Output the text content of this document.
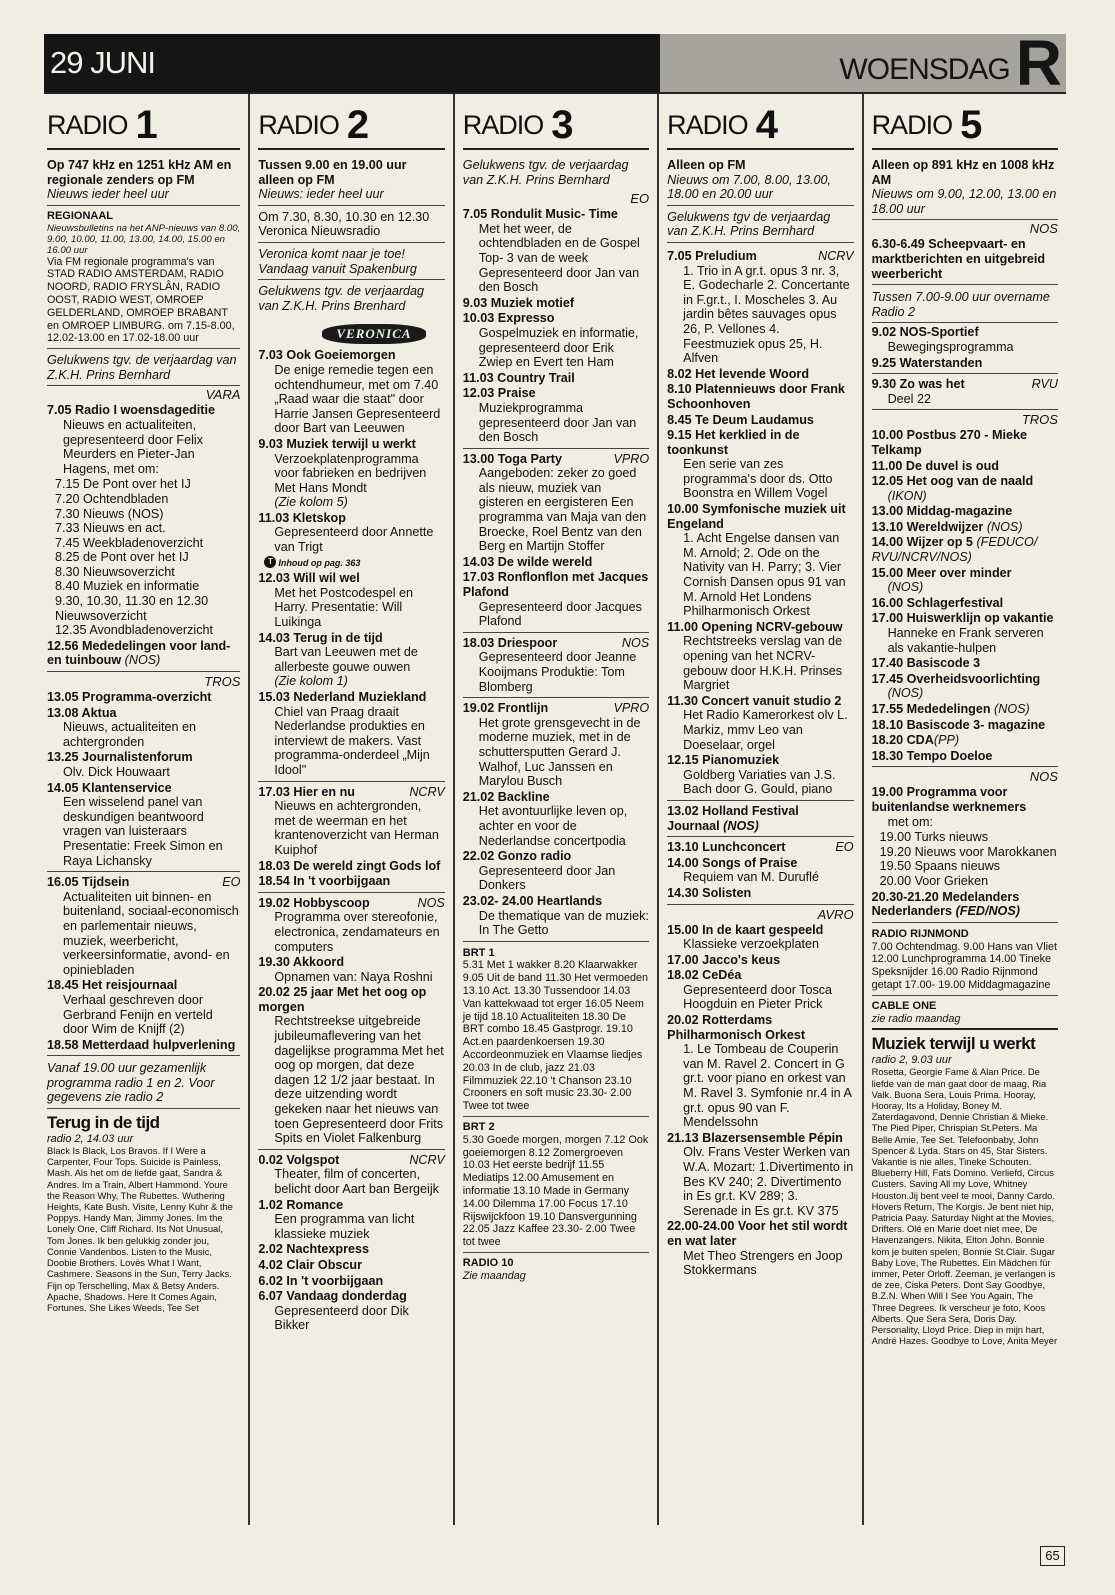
29 JUNI	WOENSDAG R
RADIO 1
Op 747 kHz en 1251 kHz AM en regionale zenders op FM
Nieuws ieder heel uur
REGIONAAL
Nieuwsbulletins na het ANP-nieuws van 8.00, 9.00, 10.00, 11.00, 13.00, 14.00, 15.00 en 16.00 uur
Via FM regionale programma's van STAD RADIO AMSTERDAM, RADIO NOORD, RADIO FRYSLÂN, RADIO OOST, RADIO WEST, OMROEP GELDERLAND, OMROEP BRABANT en OMROEP LIMBURG. om 7.15-8.00, 12.02-13.00 en 17.02-18.00 uur
Gelukwens tgv. de verjaardag van Z.K.H. Prins Bernhard
VARA
7.05 Radio I woensdageditie
Nieuws en actualiteiten, gepresenteerd door Felix Meurders en Pieter-Jan Hagens, met om:
7.15 De Pont over het IJ
7.20 Ochtendbladen
7.30 Nieuws (NOS)
7.33 Nieuws en act.
7.45 Weekbladenoverzicht
8.25 de Pont over het IJ
8.30 Nieuwsoverzicht
8.40 Muziek en informatie
9.30, 10.30, 11.30 en 12.30 Nieuwsoverzicht
12.35 Avondbladenoverzicht
12.56 Mededelingen voor land- en tuinbouw (NOS)
TROS
13.05 Programma-overzicht
13.08 Aktua
Nieuws, actualiteiten en achtergronden
13.25 Journalistenforum
Olv. Dick Houwaart
14.05 Klantenservice
Een wisselend panel van deskundigen beantwoord vragen van luisteraars Presentatie: Freek Simon en Raya Lichansky
16.05 Tijdsein	EO
Actualiteiten uit binnen- en buitenland, sociaal-economisch en parlementair nieuws, muziek, weerbericht, verkeersinformatie, avond- en opiniebladen
18.45 Het reisjournaal
Verhaal geschreven door Gerbrand Fenijn en verteld door Wim de Knijff (2)
18.58 Metterdaad hulpverlening
Vanaf 19.00 uur gezamenlijk programma radio 1 en 2. Voor gegevens zie radio 2
Terug in de tijd
radio 2, 14.03 uur
Black Is Black, Los Bravos. If I Were a Carpenter, Four Tops. Suicide is Painless, Mash. Als het om de liefde gaat, Sandra & Andres. Im a Train, Albert Hammond. Youre the Reason Why, The Rubettes. Wuthering Heights, Kate Bush. Visite, Lenny Kuhr & the Poppys. Handy Man, Jimmy Jones. Im the Lonely One, Cliff Richard. Its Not Unusual, Tom Jones. Ik ben gelukkig zonder jou, Connie Vandenbos. Listen to the Music, Doobie Brothers. Lovës What I Want, Cashmere. Seasons in the Sun, Terry Jacks. Fijn op Terschelling, Max & Betsy Anders. Apache, Shadows. Here It Comes Again, Fortunes. She Likes Weeds, Tee Set
RADIO 2
Tussen 9.00 en 19.00 uur alleen op FM
Nieuws: ieder heel uur
Om 7.30, 8.30, 10.30 en 12.30 Veronica Nieuwsradio
Veronica komt naar je toe! Vandaag vanuit Spakenburg
Gelukwens tgv. de verjaardag van Z.K.H. Prins Brenhard
VERONICA
7.03 Ook Goeiemorgen
De enige remedie tegen een ochtendhumeur, met om 7.40 „Raad waar die staat" door Harrie Jansen Gepresenteerd door Bart van Leeuwen
9.03 Muziek terwijl u werkt
Verzoekplatenprogramma voor fabrieken en bedrijven Met Hans Mondt
(Zie kolom 5)
11.03 Kletskop
Gepresenteerd door Annette van Trigt
T Inhoud op pag. 363
12.03 Will wil wel
Met het Postcodespel en Harry. Presentatie: Will Luikinga
14.03 Terug in de tijd
Bart van Leeuwen met de allerbeste gouwe ouwen
(Zie kolom 1)
15.03 Nederland Muziekland
Chiel van Praag draait Nederlandse produkties en interviewt de makers. Vast programma-onderdeel „Mijn Idool"
17.03 Hier en nu	NCRV
Nieuws en achtergronden, met de weerman en het krantenoverzicht van Herman Kuiphof
18.03 De wereld zingt Gods lof
18.54 In 't voorbijgaan
19.02 Hobbyscoop	NOS
Programma over stereofonie, electronica, zendamateurs en computers
19.30 Akkoord
Opnamen van: Naya Roshni
20.02 25 jaar Met het oog op morgen
Rechtstreekse uitgebreide jubileumaflevering van het dagelijkse programma Met het oog op morgen, dat deze dagen 12 1/2 jaar bestaat. In deze uitzending wordt gekeken naar het nieuws van toen Gepresenteerd door Frits Spits en Violet Falkenburg
0.02 Volgspot	NCRV
Theater, film of concerten, belicht door Aart ban Bergeijk
1.02 Romance
Een programma van licht klassieke muziek
2.02 Nachtexpress
4.02 Clair Obscur
6.02 In 't voorbijgaan
6.07 Vandaag donderdag
Gepresenteerd door Dik Bikker
RADIO 3
Gelukwens tgv. de verjaardag van Z.K.H. Prins Bernhard
EO
7.05 Rondulit Music- Time
Met het weer, de ochtendbladen en de Gospel Top- 3 van de week Gepresenteerd door Jan van den Bosch
9.03 Muziek motief
10.03 Expresso
Gospelmuziek en informatie, gepresenteerd door Erik Zwiep en Evert ten Ham
11.03 Country Trail
12.03 Praise
Muziekprogramma gepresenteerd door Jan van den Bosch
13.00 Toga Party	VPRO
Aangeboden: zeker zo goed als nieuw, muziek van gisteren en eergisteren Een programma van Maja van den Broecke, Roel Bentz van den Berg en Martijn Stoffer
14.03 De wilde wereld
17.03 Ronflonflon met Jacques Plafond
Gepresenteerd door Jacques Plafond
18.03 Driespoor	NOS
Gepresenteerd door Jeanne Kooijmans Produktie: Tom Blomberg
19.02 Frontlijn	VPRO
Het grote grensgevecht in de moderne muziek, met in de schuttersputten Gerard J. Walhof, Luc Janssen en Marylou Busch
21.02 Backline
Het avontuurlijke leven op, achter en voor de Nederlandse concertpodia
22.02 Gonzo radio
Gepresenteerd door Jan Donkers
23.02- 24.00 Heartlands
De thematique van de muziek: In The Getto
BRT 1
5.31 Met 1 wakker 8.20 Klaarwakker 9.05 Uit de band 11.30 Het vermoeden 13.10 Act. 13.30 Tussendoor 14.03 Van kattekwaad tot erger 16.05 Neem je tijd 18.10 Actualiteiten 18.30 De BRT combo 18.45 Gastprogr. 19.10 Act.en paardenkoersen 19.30 Accordeonmuziek en Vlaamse liedjes 20.03 In de club, jazz 21.03 Filmmuziek 22.10 't Chanson 23.10 Crooners en soft music 23.30- 2.00 Twee tot twee
BRT 2
5.30 Goede morgen, morgen 7.12 Ook goeiemorgen 8.12 Zomergroeven 10.03 Het eerste bedrijf 11.55 Mediatips 12.00 Amusement en informatie 13.10 Made in Germany 14.00 Dilemma 17.00 Focus 17.10 Rijswijckfoon 19.10 Dansvergunning 22.05 Jazz Kaffee 23.30- 2.00 Twee tot twee
RADIO 10
Zie maandag
RADIO 4
Alleen op FM
Nieuws om 7.00, 8.00, 13.00, 18.00 en 20.00 uur
Gelukwens tgv de verjaardag van Z.K.H. Prins Bernhard
7.05 Preludium	NCRV
1. Trio in A gr.t. opus 3 nr. 3, E. Godecharle 2. Concertante in F.gr.t., I. Moscheles 3. Au jardin bêtes sauvages opus 26, P. Vellones 4. Feestmuziek opus 25, H. Alfven
8.02 Het levende Woord
8.10 Platennieuws door Frank Schoonhoven
8.45 Te Deum Laudamus
9.15 Het kerklied in de toonkunst
Een serie van zes programma's door ds. Otto Boonstra en Willem Vogel
10.00 Symfonische muziek uit Engeland
1. Acht Engelse dansen van M. Arnold; 2. Ode on the Nativity van H. Parry; 3. Vier Cornish Dansen opus 91 van M. Arnold Het Londens Philharmonisch Orkest
11.00 Opening NCRV-gebouw
Rechtstreeks verslag van de opening van het NCRV-gebouw door H.K.H. Prinses Margriet
11.30 Concert vanuit studio 2
Het Radio Kamerorkest olv L. Markiz, mmv Leo van Doeselaar, orgel
12.15 Pianomuziek
Goldberg Variaties van J.S. Bach door G. Gould, piano
13.02 Holland Festival Journaal (NOS)
13.10 Lunchconcert	EO
14.00 Songs of Praise
Requiem van M. Duruflé
14.30 Solisten
AVRO
15.00 In de kaart gespeeld
Klassieke verzoekplaten
17.00 Jacco's keus
18.02 CeDéa
Gepresenteerd door Tosca Hoogduin en Pieter Prick
20.02 Rotterdams Philharmonisch Orkest
1. Le Tombeau de Couperin van M. Ravel 2. Concert in G gr.t. voor piano en orkest van M. Ravel 3. Symfonie nr.4 in A gr.t. opus 90 van F. Mendelssohn
21.13 Blazersensemble Pépin
Olv. Frans Vester Werken van W.A. Mozart: 1.Divertimento in Bes KV 240; 2. Divertimento in Es gr.t. KV 289; 3. Serenade in Es gr.t. KV 375
22.00-24.00 Voor het stil wordt en wat later
Met Theo Strengers en Joop Stokkermans
RADIO 5
Alleen op 891 kHz en 1008 kHz AM
Nieuws om 9.00, 12.00, 13.00 en 18.00 uur
NOS
6.30-6.49 Scheepvaart- en marktberichten en uitgebreid weerbericht
Tussen 7.00-9.00 uur overname Radio 2
9.02 NOS-Sportief
Bewegingsprogramma
9.25 Waterstanden
9.30 Zo was het	RVU
Deel 22
TROS
10.00 Postbus 270 - Mieke Telkamp
11.00 De duvel is oud
12.05 Het oog van de naald
(IKON)
13.00 Middag-magazine
13.10 Wereldwijzer (NOS)
14.00 Wijzer op 5 (FEDUCO/ RVU/NCRV/NOS)
15.00 Meer over minder
(NOS)
16.00 Schlagerfestival
17.00 Huiswerklijn op vakantie
Hanneke en Frank serveren als vakantie-hulpen
17.40 Basiscode 3
17.45 Overheidsvoorlichting
(NOS)
17.55 Mededelingen (NOS)
18.10 Basiscode 3- magazine
18.20 CDA(PP)
18.30 Tempo Doeloe
NOS
19.00 Programma voor buitenlandse werknemers
met om:
19.00 Turks nieuws
19.20 Nieuws voor Marokkanen
19.50 Spaans nieuws
20.00 Voor Grieken
20.30-21.20 Medelanders Nederlanders (FED/NOS)
RADIO RIJNMOND
7.00 Ochtendmag. 9.00 Hans van Vliet 12.00 Lunchprogramma 14.00 Tineke Speksnijder 16.00 Radio Rijnmond getapt 17.00- 19.00 Middagmagazine
CABLE ONE
zie radio maandag
Muziek terwijl u werkt
radio 2, 9.03 uur
Rosetta, Georgie Fame & Alan Price. De liefde van de man gaat door de maag, Ria Valk. Buona Sera, Louis Prima. Hooray, Hooray, Its a Holiday, Boney M. Zaterdagavond, Dennie Christian & Mieke. The Pied Piper, Chrispian St.Peters. Ma Belle Amie, Tee Set. Telefoonbaby, John Spencer & Lyda. Stars on 45, Star Sisters. Vakantie is nie alles, Tineke Schouten. Blueberry Hill, Fats Domino. Verliefd, Circus Custers. Saving All my Love, Whitney Houston.Jij bent veel te mooi, Danny Cardo. Hovers Return, The Korgis. Je bent niet hip, Patricia Paay. Saturday Night at the Movies, Drifters. Olé en Marie doet niet mee, De Havenzangers. Nikita, Elton John. Bonnie kom je buiten spelen, Bonnie St.Clair. Sugar Baby Love, The Rubettes. Ein Mädchen für immer, Peter Orloff. Zeeman, je verlangen is de zee, Ciska Peters. Dont Say Goodbye, B.Z.N. When Will I See You Again, The Three Degrees. Ik verscheur je foto, Koos Alberts. Que Sera Sera, Doris Day. Personality, Lloyd Price. Diep in mijn hart, André Hazes. Goodbye to Love, Anita Meyer
65
